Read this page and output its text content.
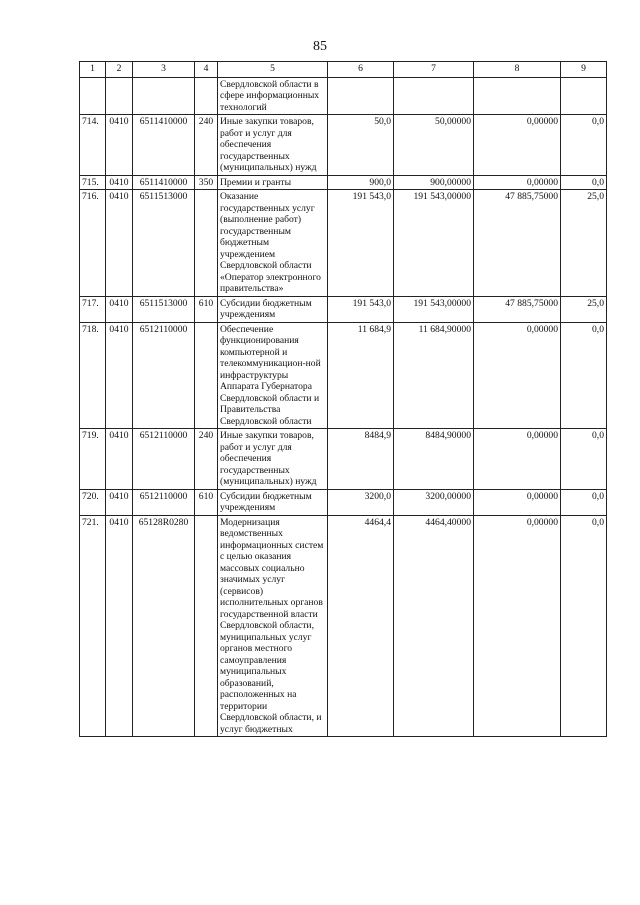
85
1	2	3	4	5	6	7	8	9
				Свердловской области в сфере информационных технологий				
714.	0410	6511410000	240	Иные закупки товаров, работ и услуг для обеспечения государственных (муниципальных) нужд	50,0	50,00000	0,00000	0,0
715.	0410	6511410000	350	Премии и гранты	900,0	900,00000	0,00000	0,0
716.	0410	6511513000		Оказание государственных услуг (выполнение работ) государственным бюджетным учреждением Свердловской области «Оператор электронного правительства»	191 543,0	191 543,00000	47 885,75000	25,0
717.	0410	6511513000	610	Субсидии бюджетным учреждениям	191 543,0	191 543,00000	47 885,75000	25,0
718.	0410	6512110000		Обеспечение функционирования компьютерной и телекоммуникацион-ной инфраструктуры Аппарата Губернатора Свердловской области и Правительства Свердловской области	11 684,9	11 684,90000	0,00000	0,0
719.	0410	6512110000	240	Иные закупки товаров, работ и услуг для обеспечения государственных (муниципальных) нужд	8484,9	8484,90000	0,00000	0,0
720.	0410	6512110000	610	Субсидии бюджетным учреждениям	3200,0	3200,00000	0,00000	0,0
721.	0410	65128R0280		Модернизация ведомственных информационных систем с целью оказания массовых социально значимых услуг (сервисов) исполнительных органов государственной власти Свердловской области, муниципальных услуг органов местного самоуправления муниципальных образований, расположенных на территории Свердловской области, и услуг бюджетных	4464,4	4464,40000	0,00000	0,0
